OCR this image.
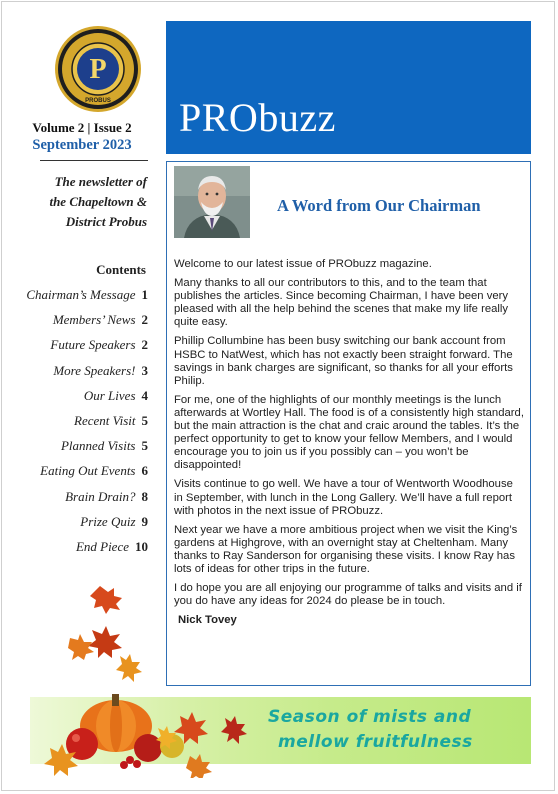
P
PROBUS
Volume 2 | Issue 2
September 2023
The newsletter of
the Chapeltown &
District Probus
Contents
Chairman’s Message 1
Members’ News 2
Future Speakers 2
More Speakers! 3
Our Lives 4
Recent Visit 5
Planned Visits 5
Eating Out Events 6
Brain Drain? 8
Prize Quiz 9
End Piece 10
PRObuzz
A Word from Our Chairman

Welcome to our latest issue of PRObuzz magazine.

Many thanks to all our contributors to this, and to the team that publishes the articles. Since becoming Chairman, I have been very pleased with all the help behind the scenes that make my life really quite easy.

Phillip Collumbine has been busy switching our bank account from HSBC to NatWest, which has not exactly been straight forward. The savings in bank charges are significant, so thanks for all your efforts Philip.

For me, one of the highlights of our monthly meetings is the lunch afterwards at Wortley Hall. The food is of a consistently high standard, but the main attraction is the chat and craic around the tables. It’s the perfect opportunity to get to know your fellow Members, and I would encourage you to join us if you possibly can – you won’t be disappointed!

Visits continue to go well. We have a tour of Wentworth Woodhouse in September, with lunch in the Long Gallery. We’ll have a full report with photos in the next issue of PRObuzz.

Next year we have a more ambitious project when we visit the King’s gardens at Highgrove, with an overnight stay at Cheltenham. Many thanks to Ray Sanderson for organising these visits. I know Ray has lots of ideas for other trips in the future.

I do hope you are all enjoying our programme of talks and visits and if you do have any ideas for 2024 do please be in touch.

Nick Tovey
Season of mists and
mellow fruitfulness
